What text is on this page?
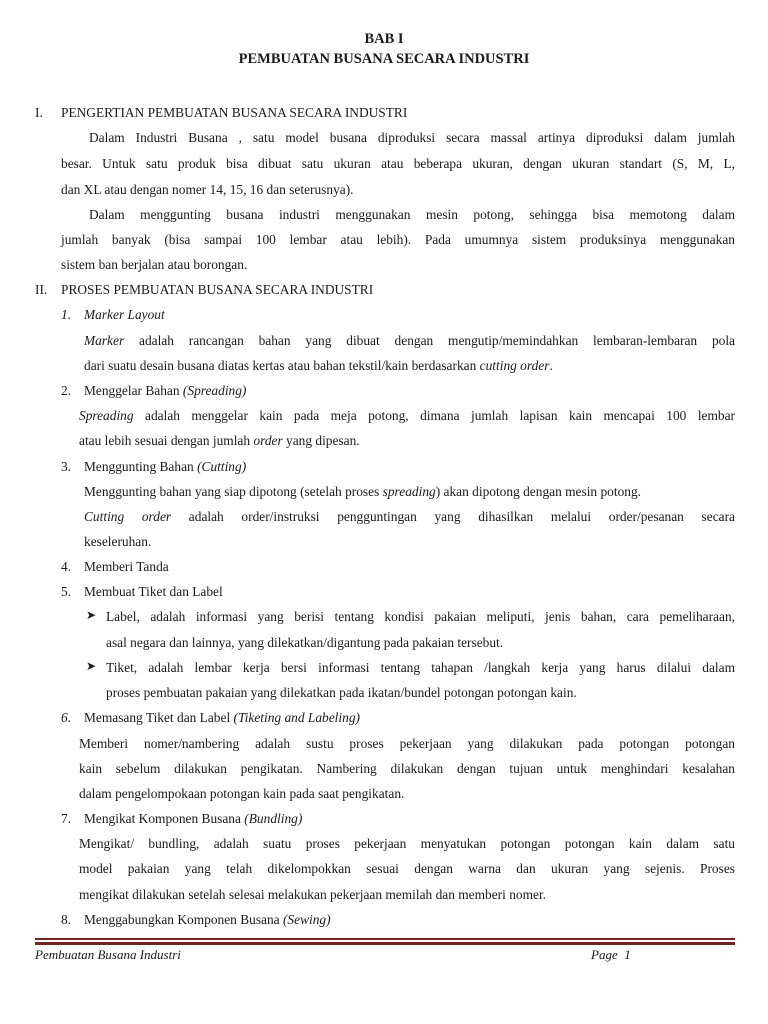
BAB I
PEMBUATAN BUSANA SECARA INDUSTRI
I. PENGERTIAN PEMBUATAN BUSANA SECARA INDUSTRI
Dalam Industri Busana , satu model busana diproduksi secara massal artinya diproduksi dalam jumlah
besar. Untuk satu produk bisa dibuat satu ukuran atau beberapa ukuran, dengan ukuran standart (S, M, L,
dan XL atau dengan nomer 14, 15, 16 dan seterusnya).
Dalam menggunting busana industri menggunakan mesin potong, sehingga bisa memotong dalam
jumlah banyak (bisa sampai 100 lembar atau lebih). Pada umumnya sistem produksinya menggunakan
sistem ban berjalan atau borongan.
II. PROSES PEMBUATAN BUSANA SECARA INDUSTRI
1. Marker Layout
Marker adalah rancangan bahan yang dibuat dengan mengutip/memindahkan lembaran-lembaran pola
dari suatu desain busana diatas kertas atau bahan tekstil/kain berdasarkan cutting order.
2. Menggelar Bahan (Spreading)
Spreading adalah menggelar kain pada meja potong, dimana jumlah lapisan kain mencapai 100 lembar
atau lebih sesuai dengan jumlah order yang dipesan.
3. Menggunting Bahan (Cutting)
Menggunting bahan yang siap dipotong (setelah proses spreading) akan dipotong dengan mesin potong.
Cutting order adalah order/instruksi pengguntingan yang dihasilkan melalui order/pesanan secara
keseleruhan.
4. Memberi Tanda
5. Membuat Tiket dan Label
➤ Label, adalah informasi yang berisi tentang kondisi pakaian meliputi, jenis bahan, cara pemeliharaan,
asal negara dan lainnya, yang dilekatkan/digantung pada pakaian tersebut.
➤ Tiket, adalah lembar kerja bersi informasi tentang tahapan /langkah kerja yang harus dilalui dalam
proses pembuatan pakaian yang dilekatkan pada ikatan/bundel potongan potongan kain.
6. Memasang Tiket dan Label (Tiketing and Labeling)
Memberi nomer/nambering adalah sustu proses pekerjaan yang dilakukan pada potongan potongan
kain sebelum dilakukan pengikatan. Nambering dilakukan dengan tujuan untuk menghindari kesalahan
dalam pengelompokaan potongan kain pada saat pengikatan.
7. Mengikat Komponen Busana (Bundling)
Mengikat/ bundling, adalah suatu proses pekerjaan menyatukan potongan potongan kain dalam satu
model pakaian yang telah dikelompokkan sesuai dengan warna dan ukuran yang sejenis. Proses
mengikat dilakukan setelah selesai melakukan pekerjaan memilah dan memberi nomer.
8. Menggabungkan Komponen Busana (Sewing)
Pembuatan Busana Industri	Page  1
